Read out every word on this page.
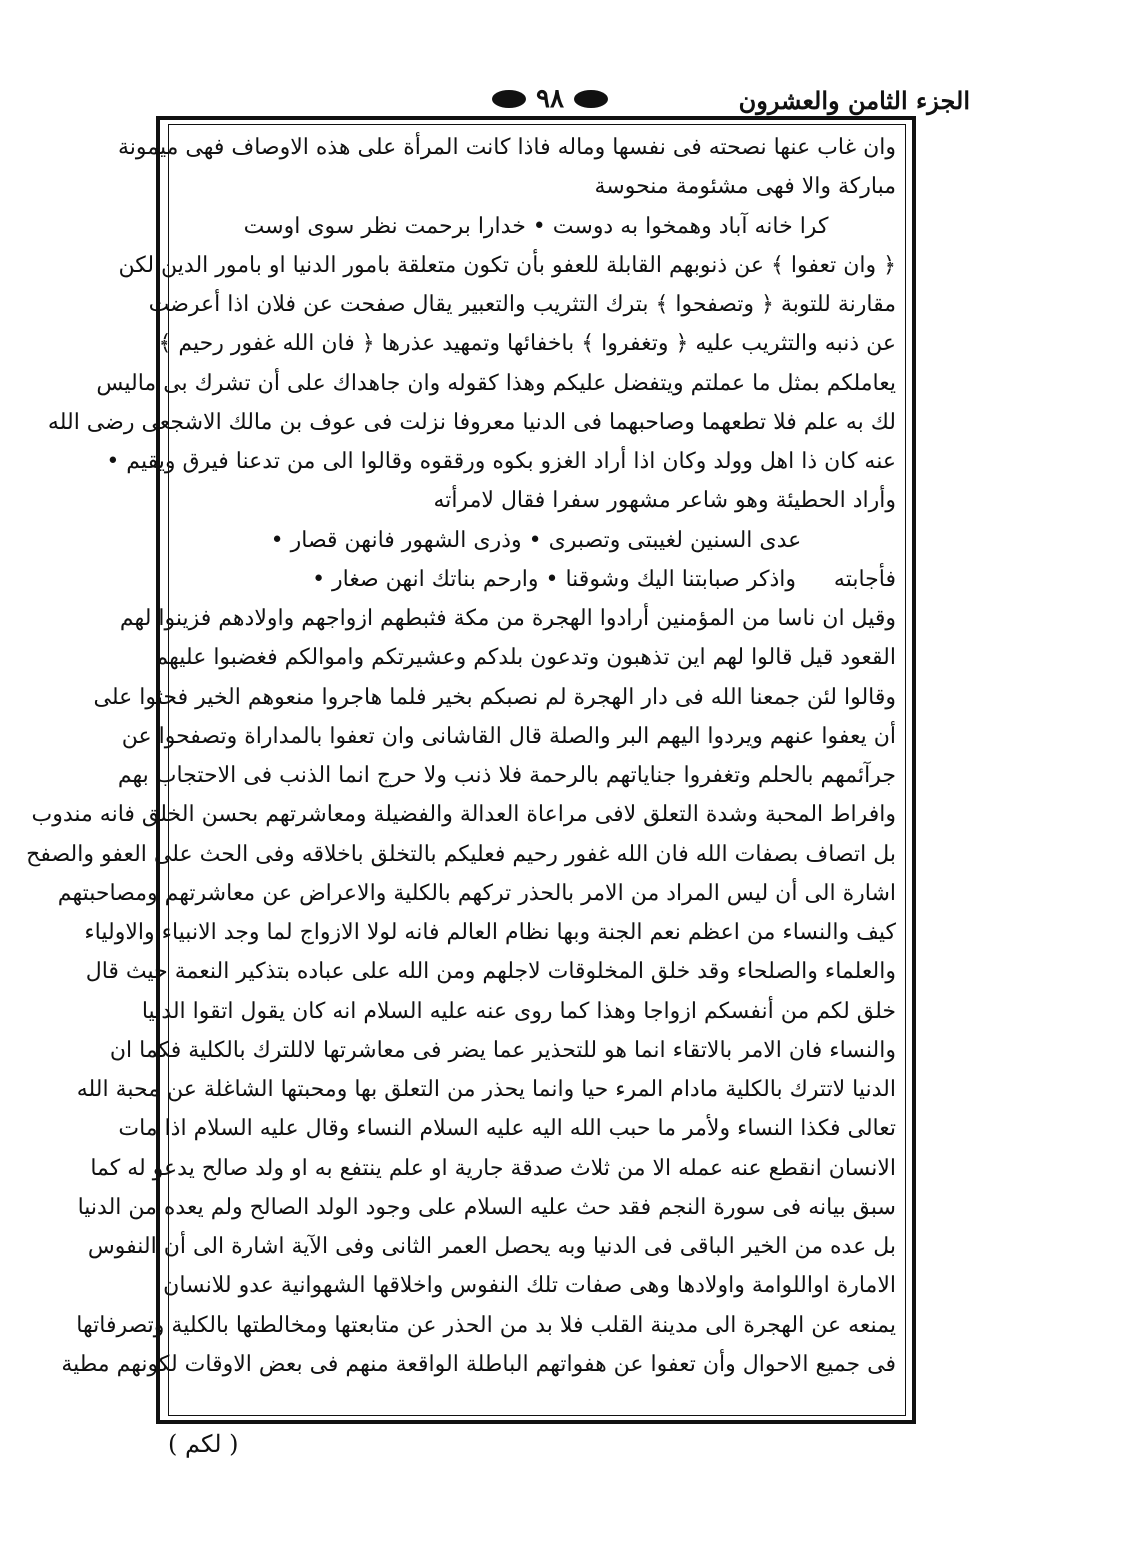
الجزء الثامن والعشرون
٩٨
وان غاب عنها نصحته فى نفسها وماله فاذا كانت المرأة على هذه الاوصاف فهى ميمونة
مباركة والا فهى مشئومة منحوسة
كرا خانه آباد وهمخوا به دوست • خدارا برحمت نظر سوى اوست
﴿ وان تعفوا ﴾ عن ذنوبهم القابلة للعفو بأن تكون متعلقة بامور الدنيا او بامور الدين لكن
مقارنة للتوبة ﴿ وتصفحوا ﴾ بترك التثريب والتعبير يقال صفحت عن فلان اذا أعرضت
عن ذنبه والتثريب عليه ﴿ وتغفروا ﴾ باخفائها وتمهيد عذرها ﴿ فان الله غفور رحيم ﴾
يعاملكم بمثل ما عملتم ويتفضل عليكم وهذا كقوله وان جاهداك على أن تشرك بى ماليس
لك به علم فلا تطعهما وصاحبهما فى الدنيا معروفا نزلت فى عوف بن مالك الاشجعى رضى الله
عنه كان ذا اهل وولد وكان اذا أراد الغزو بكوه ورققوه وقالوا الى من تدعنا فيرق ويقيم •
وأراد الحطيئة وهو شاعر مشهور سفرا فقال لامرأته
عدى السنين لغيبتى وتصبرى • وذرى الشهور فانهن قصار •
فأجابتهواذكر صبابتنا اليك وشوقنا • وارحم بناتك انهن صغار •
وقيل ان ناسا من المؤمنين أرادوا الهجرة من مكة فثبطهم ازواجهم واولادهم فزينوا لهم
القعود قيل قالوا لهم اين تذهبون وتدعون بلدكم وعشيرتكم واموالكم فغضبوا عليهم
وقالوا لئن جمعنا الله فى دار الهجرة لم نصبكم بخير فلما هاجروا منعوهم الخير فحثوا على
أن يعفوا عنهم ويردوا اليهم البر والصلة قال القاشانى وان تعفوا بالمداراة وتصفحوا عن
جرآئمهم بالحلم وتغفروا جناياتهم بالرحمة فلا ذنب ولا حرج انما الذنب فى الاحتجاب بهم
وافراط المحبة وشدة التعلق لافى مراعاة العدالة والفضيلة ومعاشرتهم بحسن الخلق فانه مندوب
بل اتصاف بصفات الله فان الله غفور رحيم فعليكم بالتخلق باخلاقه وفى الحث على العفو والصفح
اشارة الى أن ليس المراد من الامر بالحذر تركهم بالكلية والاعراض عن معاشرتهم ومصاحبتهم
كيف والنساء من اعظم نعم الجنة وبها نظام العالم فانه لولا الازواج لما وجد الانبياء والاولياء
والعلماء والصلحاء وقد خلق المخلوقات لاجلهم ومن الله على عباده بتذكير النعمة حيث قال
خلق لكم من أنفسكم ازواجا وهذا كما روى عنه عليه السلام انه كان يقول اتقوا الدنيا
والنساء فان الامر بالاتقاء انما هو للتحذير عما يضر فى معاشرتها لاللترك بالكلية فكما ان
الدنيا لاتترك بالكلية مادام المرء حيا وانما يحذر من التعلق بها ومحبتها الشاغلة عن محبة الله
تعالى فكذا النساء ولأمر ما حبب الله اليه عليه السلام النساء وقال عليه السلام اذا مات
الانسان انقطع عنه عمله الا من ثلاث صدقة جارية او علم ينتفع به او ولد صالح يدعو له كما
سبق بيانه فى سورة النجم فقد حث عليه السلام على وجود الولد الصالح ولم يعده من الدنيا
بل عده من الخير الباقى فى الدنيا وبه يحصل العمر الثانى وفى الآية اشارة الى أن النفوس
الامارة اواللوامة واولادها وهى صفات تلك النفوس واخلاقها الشهوانية عدو للانسان
يمنعه عن الهجرة الى مدينة القلب فلا بد من الحذر عن متابعتها ومخالطتها بالكلية وتصرفاتها
فى جميع الاحوال وأن تعفوا عن هفواتهم الباطلة الواقعة منهم فى بعض الاوقات لكونهم مطية
( لكم )
